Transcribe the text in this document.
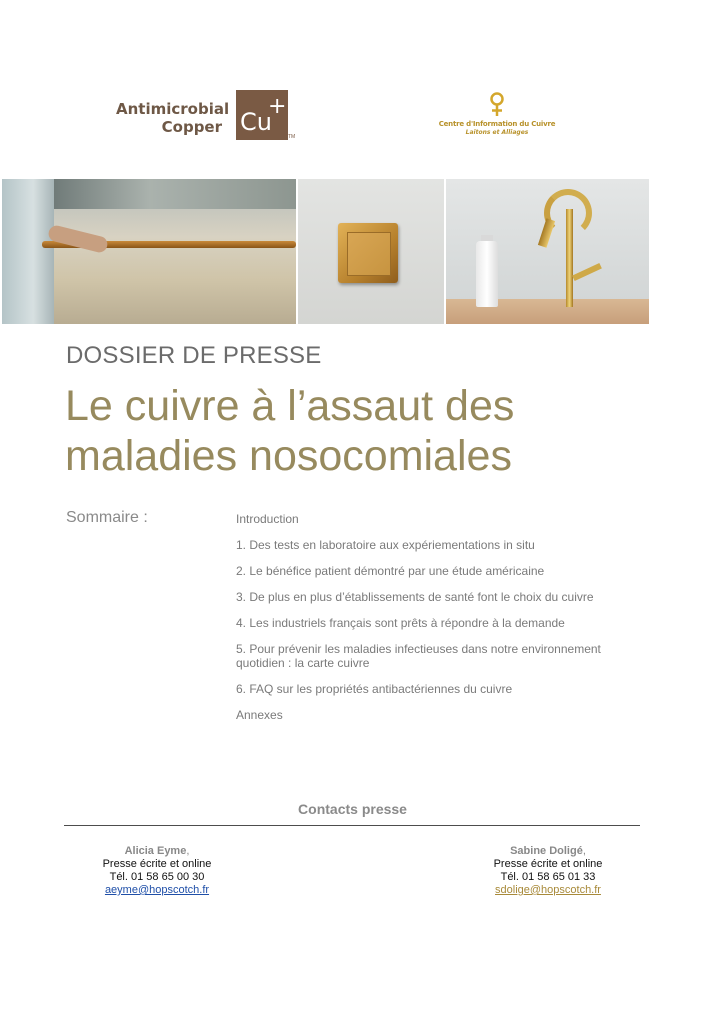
Antimicrobial
Copper Cu
+
TM
Centre d'Information du Cuivre
Laitons et Alliages
DOSSIER DE PRESSE
Le cuivre à l’assaut des maladies nosocomiales
Sommaire :	Introduction
1. Des tests en laboratoire aux expériementations in situ
2. Le bénéfice patient démontré par une étude américaine
3. De plus en plus d’établissements de santé font le choix du cuivre
4. Les industriels français sont prêts à répondre à la demande
5. Pour prévenir les maladies infectieuses dans notre environnement quotidien : la carte cuivre
6. FAQ sur les propriétés antibactériennes du cuivre
Annexes
Contacts presse
Alicia Eyme,
Presse écrite et online
Tél. 01 58 65 00 30
aeyme@hopscotch.fr
Sabine Doligé,
Presse écrite et online
Tél. 01 58 65 01 33
sdolige@hopscotch.fr
